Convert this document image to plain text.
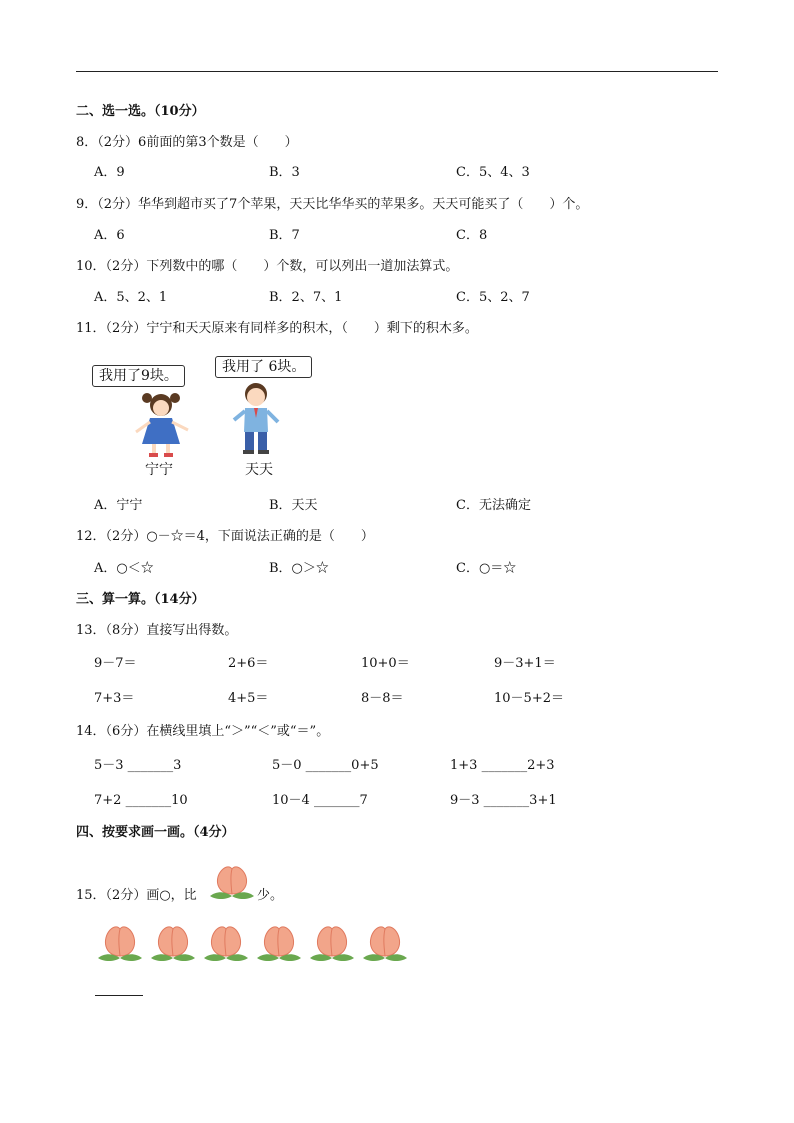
二、选一选。（10分）
8．（2分）6前面的第3个数是（　　）
A．9	B．3	C．5、4、3
9．（2分）华华到超市买了7个苹果，天天比华华买的苹果多。天天可能买了（　　）个。
A．6	B．7	C．8
10．（2分）下列数中的哪（　　）个数，可以列出一道加法算式。
A．5、2、1	B．2、7、1	C．5、2、7
11．（2分）宁宁和天天原来有同样多的积木，（　　）剩下的积木多。
我用了9块。
我用了 6块。
宁宁	天天
A．宁宁	B．天天	C．无法确定
12．（2分）○－☆＝4，下面说法正确的是（　　）
A．○＜☆	B．○＞☆	C．○＝☆
三、算一算。（14分）
13．（8分）直接写出得数。
9－7＝	2+6＝	10+0＝	9－3+1＝
7+3＝	4+5＝	8－8＝	10－5+2＝
14．（6分）在横线里填上“＞”“＜”或“＝”。
5－3 _______3	5－0 _______0+5	1+3 _______2+3
7+2 _______10	10－4 _______7	9－3 _______3+1
四、按要求画一画。（4分）
15．（2分）画○，比	少。
